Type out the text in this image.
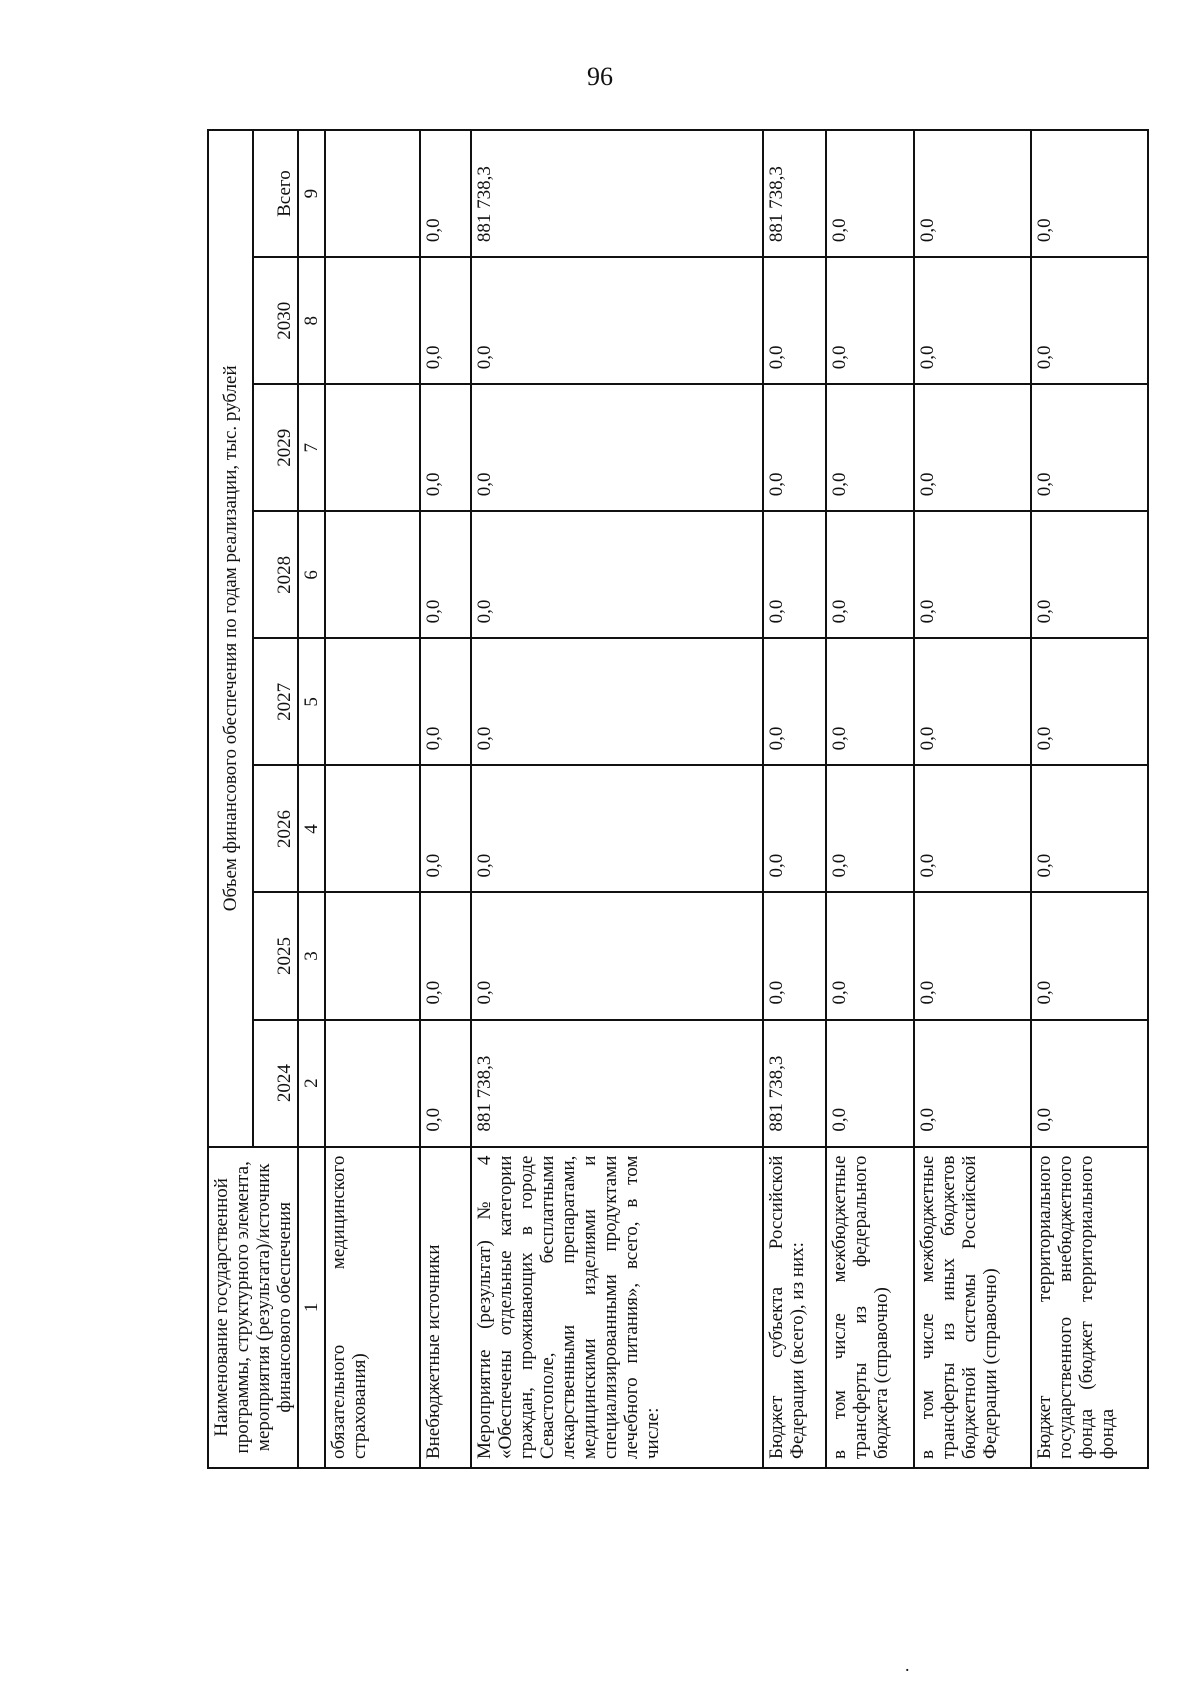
96
Наименование государственной программы, структурного элемента, мероприятия (результата)/источник финансового обеспечения	Объем финансового обеспечения по годам реализации, тыс. рублей							
	2024	2025	2026	2027	2028	2029	2030	Всего
1	2	3	4	5	6	7	8	9
обязательного медицинского страхования)								
Внебюджетные источники	0,0	0,0	0,0	0,0	0,0	0,0	0,0	0,0
Мероприятие (результат) № 4 «Обеспечены отдельные категории граждан, проживающих в городе Севастополе, бесплатными лекарственными препаратами, медицинскими изделиями и специализированными продуктами лечебного питания», всего, в том числе:	881 738,3	0,0	0,0	0,0	0,0	0,0	0,0	881 738,3
Бюджет субъекта Российской Федерации (всего), из них:	881 738,3	0,0	0,0	0,0	0,0	0,0	0,0	881 738,3
в том числе межбюджетные трансферты из федерального бюджета (справочно)	0,0	0,0	0,0	0,0	0,0	0,0	0,0	0,0
в том числе межбюджетные трансферты из иных бюджетов бюджетной системы Российской Федерации (справочно)	0,0	0,0	0,0	0,0	0,0	0,0	0,0	0,0
Бюджет территориального государственного внебюджетного фонда (бюджет территориального фонда	0,0	0,0	0,0	0,0	0,0	0,0	0,0	0,0
.
